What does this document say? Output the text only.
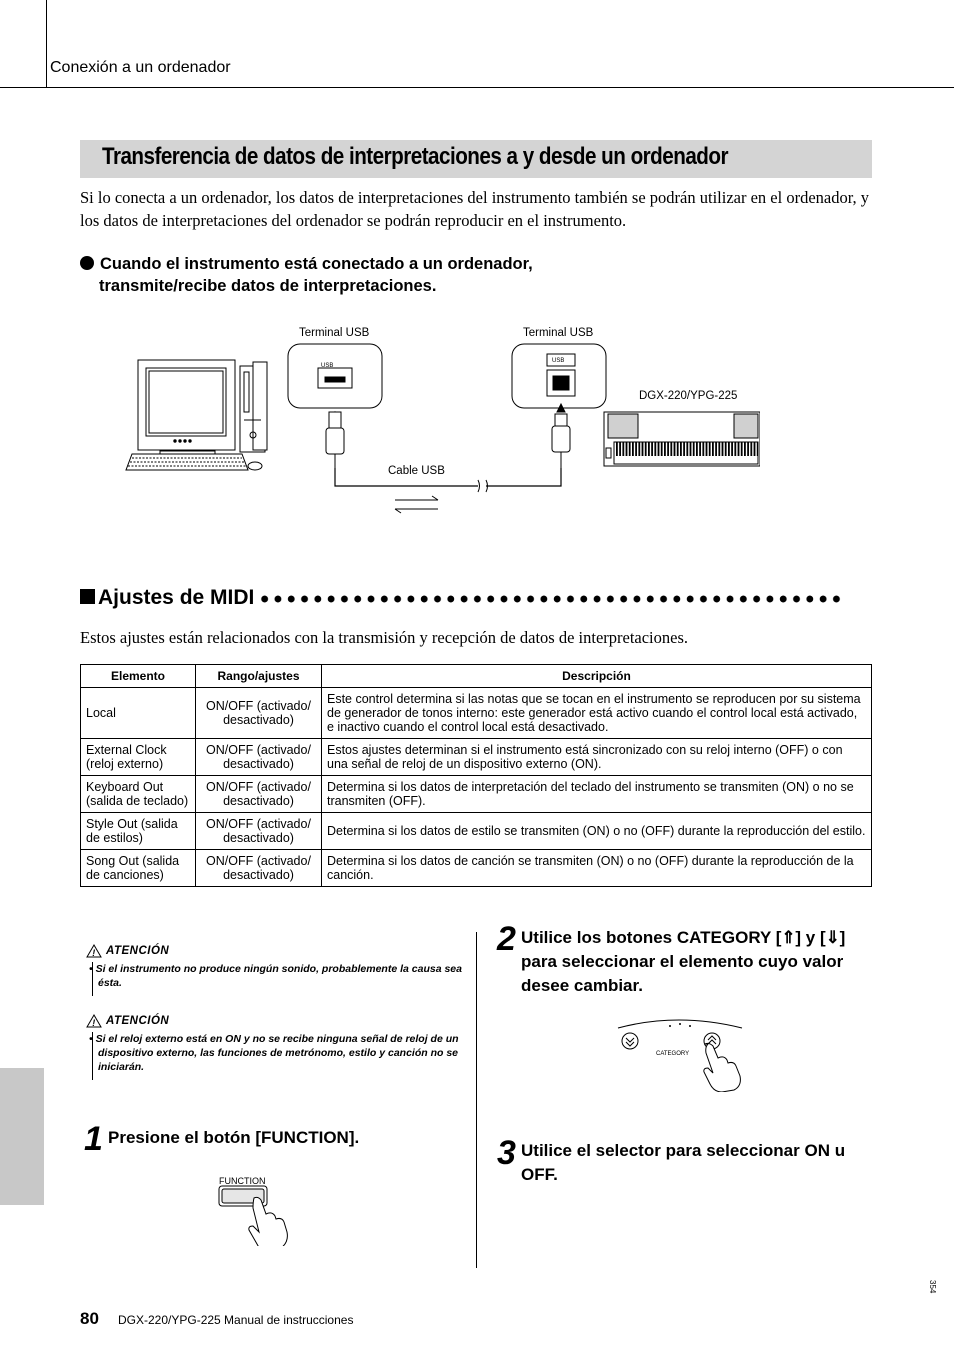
Conexión a un ordenador
Transferencia de datos de interpretaciones a y desde un ordenador
Si lo conecta a un ordenador, los datos de interpretaciones del instrumento también se podrán utilizar en el ordenador, y los datos de interpretaciones del ordenador se podrán reproducir en el instrumento.
Cuando el instrumento está conectado a un ordenador,
transmite/recibe datos de interpretaciones.
USB
USB
Terminal USB	Terminal USB
DGX-220/YPG-225
Cable USB
Ajustes de MIDI
Estos ajustes están relacionados con la transmisión y recepción de datos de interpretaciones.
Elemento	Rango/ajustes	Descripción
Local	ON/OFF (activado/ desactivado)	Este control determina si las notas que se tocan en el instrumento se reproducen por su sistema de generador de tonos interno: este generador está activo cuando el control local está activado, e inactivo cuando el control local está desactivado.
External Clock (reloj externo)	ON/OFF (activado/ desactivado)	Estos ajustes determinan si el instrumento está sincronizado con su reloj interno (OFF) o con una señal de reloj de un dispositivo externo (ON).
Keyboard Out (salida de teclado)	ON/OFF (activado/ desactivado)	Determina si los datos de interpretación del teclado del instrumento se transmiten (ON) o no se transmiten (OFF).
Style Out (salida de estilos)	ON/OFF (activado/ desactivado)	Determina si los datos de estilo se transmiten (ON) o no (OFF) durante la reproducción del estilo.
Song Out (salida de canciones)	ON/OFF (activado/ desactivado)	Determina si los datos de canción se transmiten (ON) o no (OFF) durante la reproducción de la canción.
! ATENCIÓN
• Si el instrumento no produce ningún sonido, probablemente la causa sea ésta.
! ATENCIÓN
• Si el reloj externo está en ON y no se recibe ninguna señal de reloj de un dispositivo externo, las funciones de metrónomo, estilo y canción no se iniciarán.
1 Presione el botón [FUNCTION].
FUNCTION
2 Utilice los botones CATEGORY [⇑] y [⇓] para seleccionar el elemento cuyo valor desee cambiar.
CATEGORY
3 Utilice el selector para seleccionar ON u OFF.
80 DGX-220/YPG-225 Manual de instrucciones
354
